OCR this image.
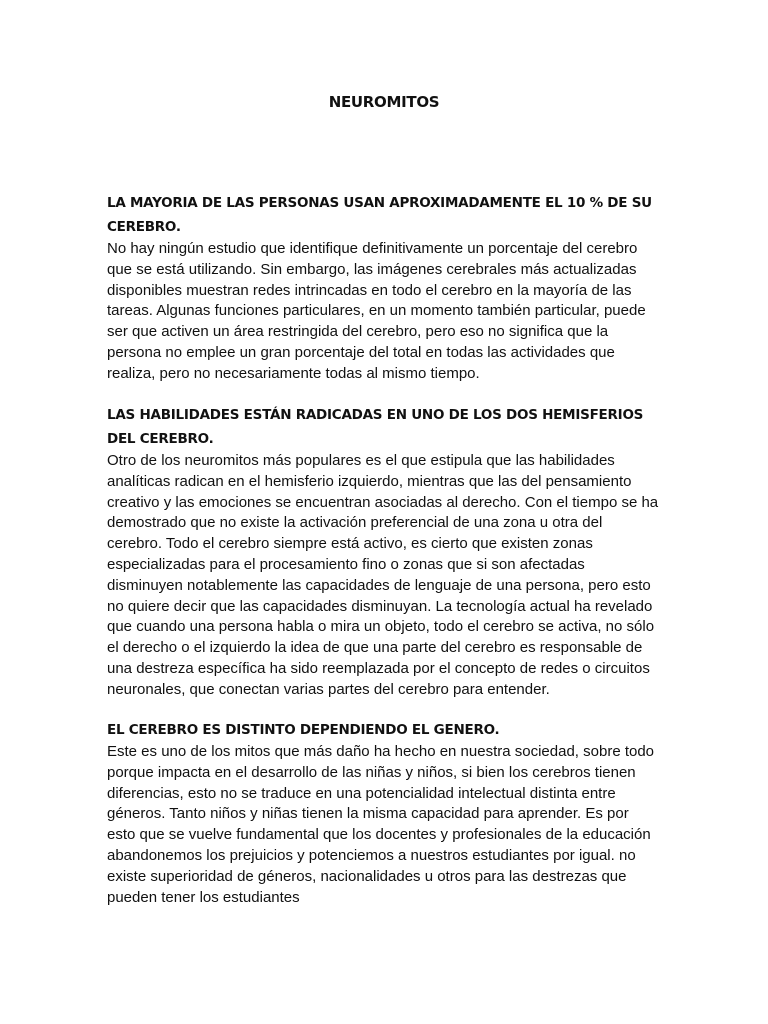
NEUROMITOS

LA MAYORIA DE LAS PERSONAS USAN APROXIMADAMENTE EL 10 % DE SU
CEREBRO.

No hay ningún estudio que identifique definitivamente un porcentaje del cerebro
que se está utilizando. Sin embargo, las imágenes cerebrales más actualizadas
disponibles muestran redes intrincadas en todo el cerebro en la mayoría de las
tareas. Algunas funciones particulares, en un momento también particular, puede
ser que activen un área restringida del cerebro, pero eso no significa que la
persona no emplee un gran porcentaje del total en todas las actividades que
realiza, pero no necesariamente todas al mismo tiempo.

LAS HABILIDADES ESTÁN RADICADAS EN UNO DE LOS DOS HEMISFERIOS
DEL CEREBRO.

Otro de los neuromitos más populares es el que estipula que las habilidades
analíticas radican en el hemisferio izquierdo, mientras que las del pensamiento
creativo y las emociones se encuentran asociadas al derecho. Con el tiempo se ha
demostrado que no existe la activación preferencial de una zona u otra del
cerebro. Todo el cerebro siempre está activo, es cierto que existen zonas
especializadas para el procesamiento fino o zonas que si son afectadas
disminuyen notablemente las capacidades de lenguaje de una persona, pero esto
no quiere decir que las capacidades disminuyan. La tecnología actual ha revelado
que cuando una persona habla o mira un objeto, todo el cerebro se activa, no sólo
el derecho o el izquierdo la idea de que una parte del cerebro es responsable de
una destreza específica ha sido reemplazada por el concepto de redes o circuitos
neuronales, que conectan varias partes del cerebro para entender.

EL CEREBRO ES DISTINTO DEPENDIENDO EL GENERO.

Este es uno de los mitos que más daño ha hecho en nuestra sociedad, sobre todo
porque impacta en el desarrollo de las niñas y niños, si bien los cerebros tienen
diferencias, esto no se traduce en una potencialidad intelectual distinta entre
géneros. Tanto niños y niñas tienen la misma capacidad para aprender. Es por
esto que se vuelve fundamental que los docentes y profesionales de la educación
abandonemos los prejuicios y potenciemos a nuestros estudiantes por igual. no
existe superioridad de géneros, nacionalidades u otros para las destrezas que
pueden tener los estudiantes
